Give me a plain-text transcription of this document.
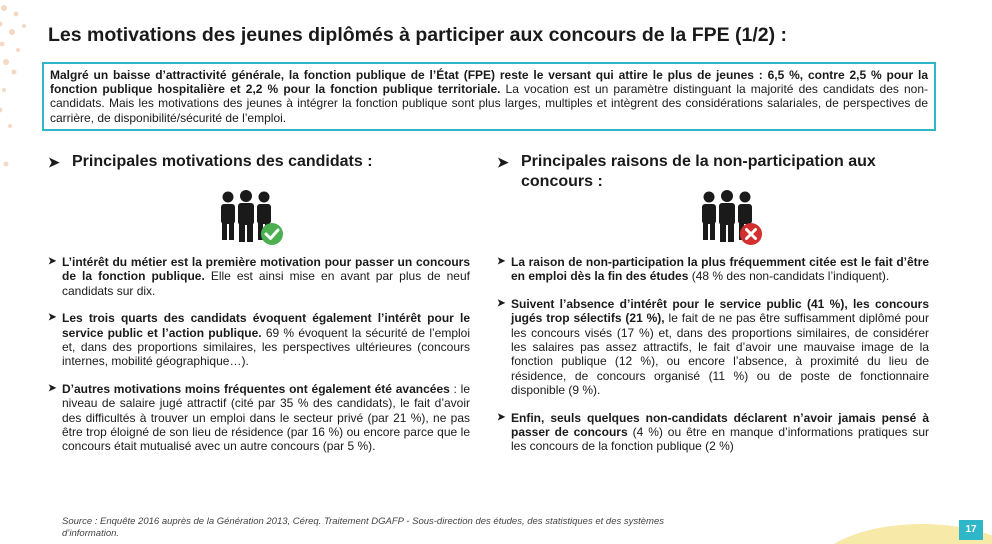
Les motivations des jeunes diplômés à participer aux concours de la FPE (1/2) :
Malgré un baisse d’attractivité générale, la fonction publique de l’État (FPE) reste le versant qui attire le plus de jeunes : 6,5 %, contre 2,5 % pour la fonction publique hospitalière et 2,2 % pour la fonction publique territoriale. La vocation est un paramètre distinguant la majorité des candidats des non-candidats. Mais les motivations des jeunes à intégrer la fonction publique sont plus larges, multiples et intègrent des considérations salariales, de perspectives de carrière, de disponibilité/sécurité de l’emploi.
➤ Principales motivations des candidats :
➤ L’intérêt du métier est la première motivation pour passer un concours de la fonction publique. Elle est ainsi mise en avant par plus de neuf candidats sur dix.
➤ Les trois quarts des candidats évoquent également l’intérêt pour le service public et l’action publique. 69 % évoquent la sécurité de l’emploi et, dans des proportions similaires, les perspectives ultérieures (concours internes, mobilité géographique…).
➤ D’autres motivations moins fréquentes ont également été avancées : le niveau de salaire jugé attractif (cité par 35 % des candidats), le fait d’avoir des difficultés à trouver un emploi dans le secteur privé (par 21 %), ne pas être trop éloigné de son lieu de résidence (par 16 %) ou encore parce que le concours était mutualisé avec un autre concours (par 5 %).
➤ Principales raisons de la non-participation aux concours :
➤ La raison de non-participation la plus fréquemment citée est le fait d’être en emploi dès la fin des études (48 % des non-candidats l’indiquent).
➤ Suivent l’absence d’intérêt pour le service public (41 %), les concours jugés trop sélectifs (21 %), le fait de ne pas être suffisamment diplômé pour les concours visés (17 %) et, dans des proportions similaires, de considérer les salaires pas assez attractifs, le fait d’avoir une mauvaise image de la fonction publique (12 %), ou encore l’absence, à proximité du lieu de résidence, de concours organisé (11 %) ou de poste de fonctionnaire disponible (9 %).
➤ Enfin, seuls quelques non-candidats déclarent n’avoir jamais pensé à passer de concours (4 %) ou être en manque d’informations pratiques sur les concours de la fonction publique (2 %)
Source : Enquête 2016 auprès de la Génération 2013, Céreq. Traitement DGAFP - Sous-direction des études, des statistiques et des systèmes d’information.	17
